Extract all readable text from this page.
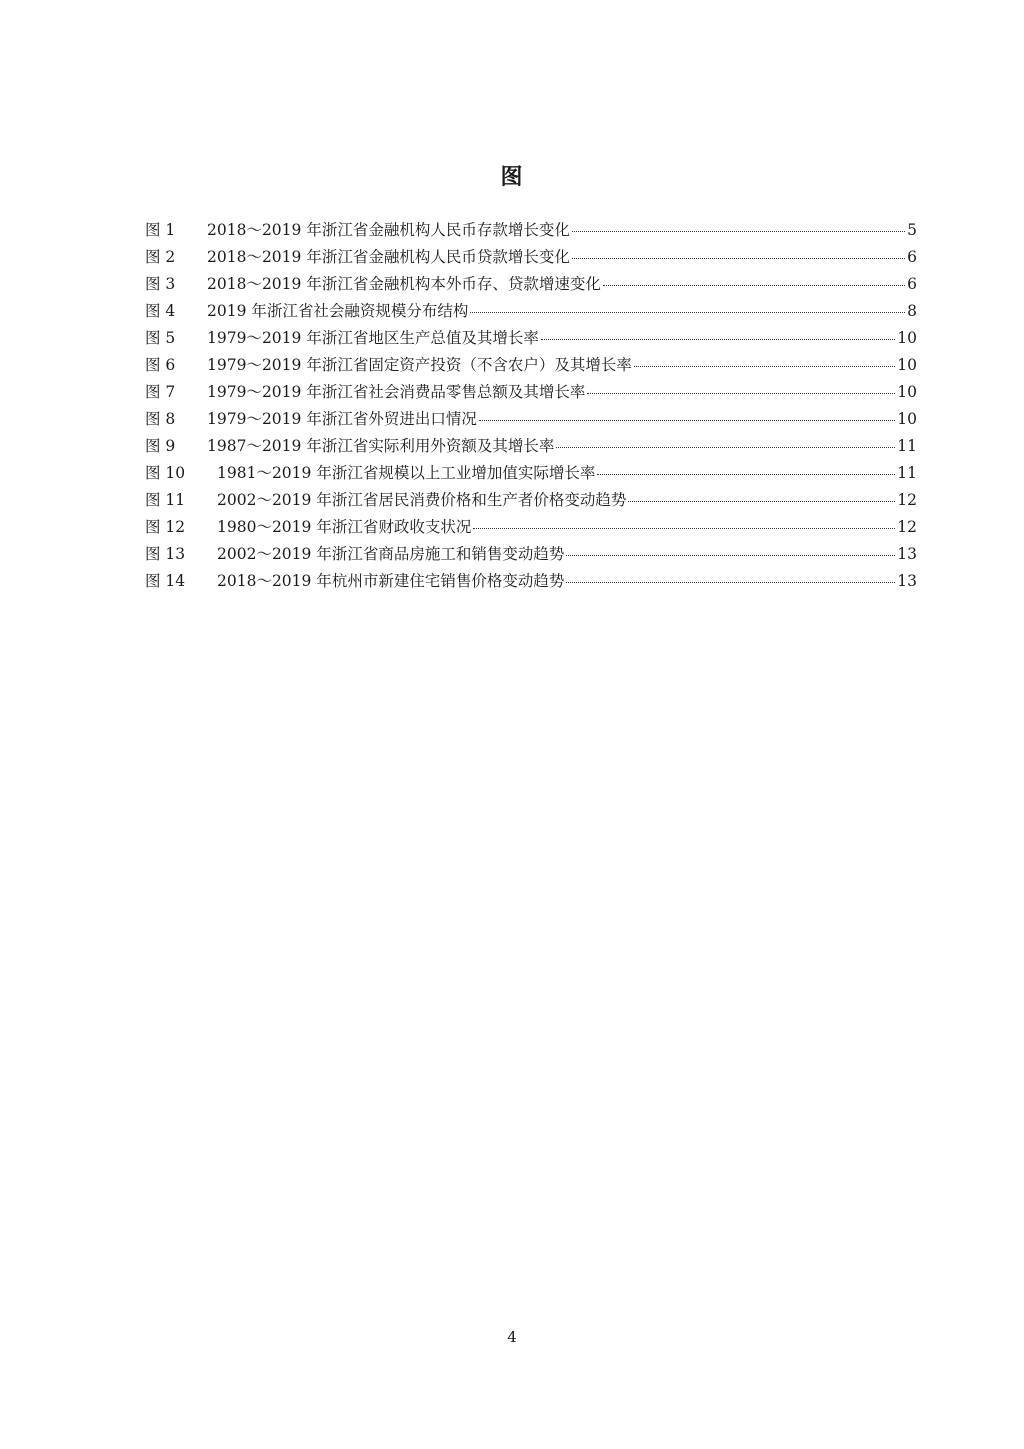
图
图 1	2018～2019 年浙江省金融机构人民币存款增长变化	5
图 2	2018～2019 年浙江省金融机构人民币贷款增长变化	6
图 3	2018～2019 年浙江省金融机构本外币存、贷款增速变化	6
图 4	2019 年浙江省社会融资规模分布结构	8
图 5	1979～2019 年浙江省地区生产总值及其增长率	10
图 6	1979～2019 年浙江省固定资产投资（不含农户）及其增长率	10
图 7	1979～2019 年浙江省社会消费品零售总额及其增长率	10
图 8	1979～2019 年浙江省外贸进出口情况	10
图 9	1987～2019 年浙江省实际利用外资额及其增长率	11
图 10	1981～2019 年浙江省规模以上工业增加值实际增长率	11
图 11	2002～2019 年浙江省居民消费价格和生产者价格变动趋势	12
图 12	1980～2019 年浙江省财政收支状况	12
图 13	2002～2019 年浙江省商品房施工和销售变动趋势	13
图 14	2018～2019 年杭州市新建住宅销售价格变动趋势	13
4
